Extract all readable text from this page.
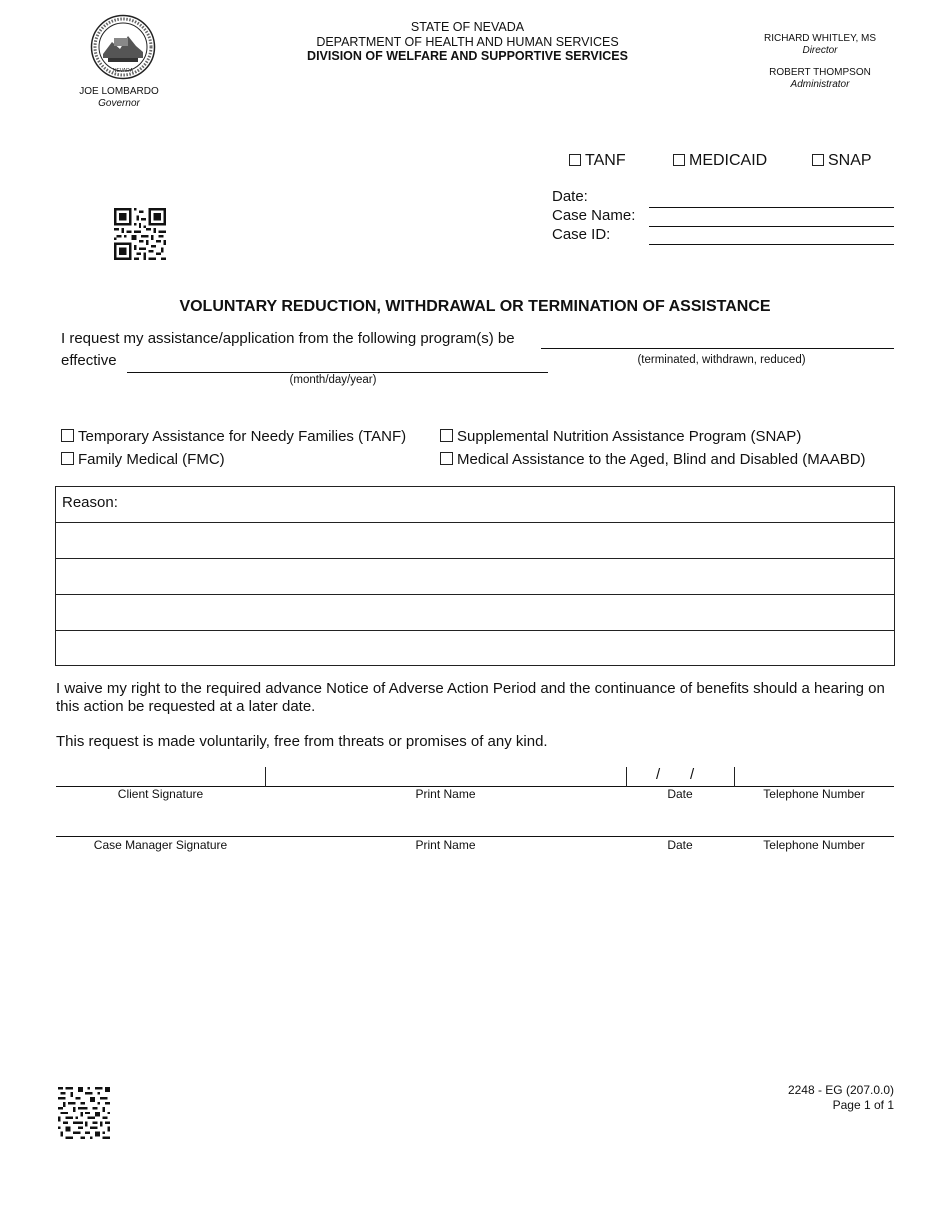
NEVADA
JOE LOMBARDO
Governor
STATE OF NEVADA
DEPARTMENT OF HEALTH AND HUMAN SERVICES
DIVISION OF WELFARE AND SUPPORTIVE SERVICES
RICHARD WHITLEY, MS
Director
ROBERT THOMPSON
Administrator
TANF	MEDICAID	SNAP
Date:
Case Name:
Case ID:
VOLUNTARY REDUCTION, WITHDRAWAL OR TERMINATION OF ASSISTANCE
I request my assistance/application from the following program(s) be
(terminated, withdrawn, reduced)
effective
(month/day/year)
Temporary Assistance for Needy Families (TANF)	Supplemental Nutrition Assistance Program (SNAP)
Family Medical (FMC)	Medical Assistance to the Aged, Blind and Disabled (MAABD)
Reason:
I waive my right to the required advance Notice of Adverse Action Period and the continuance of benefits should a hearing on this action be requested at a later date.
This request is made voluntarily, free from threats or promises of any kind.
/ /
Client Signature	Print Name	Date	Telephone Number
Case Manager Signature	Print Name	Date	Telephone Number
2248 - EG (207.0.0)
Page 1 of 1
